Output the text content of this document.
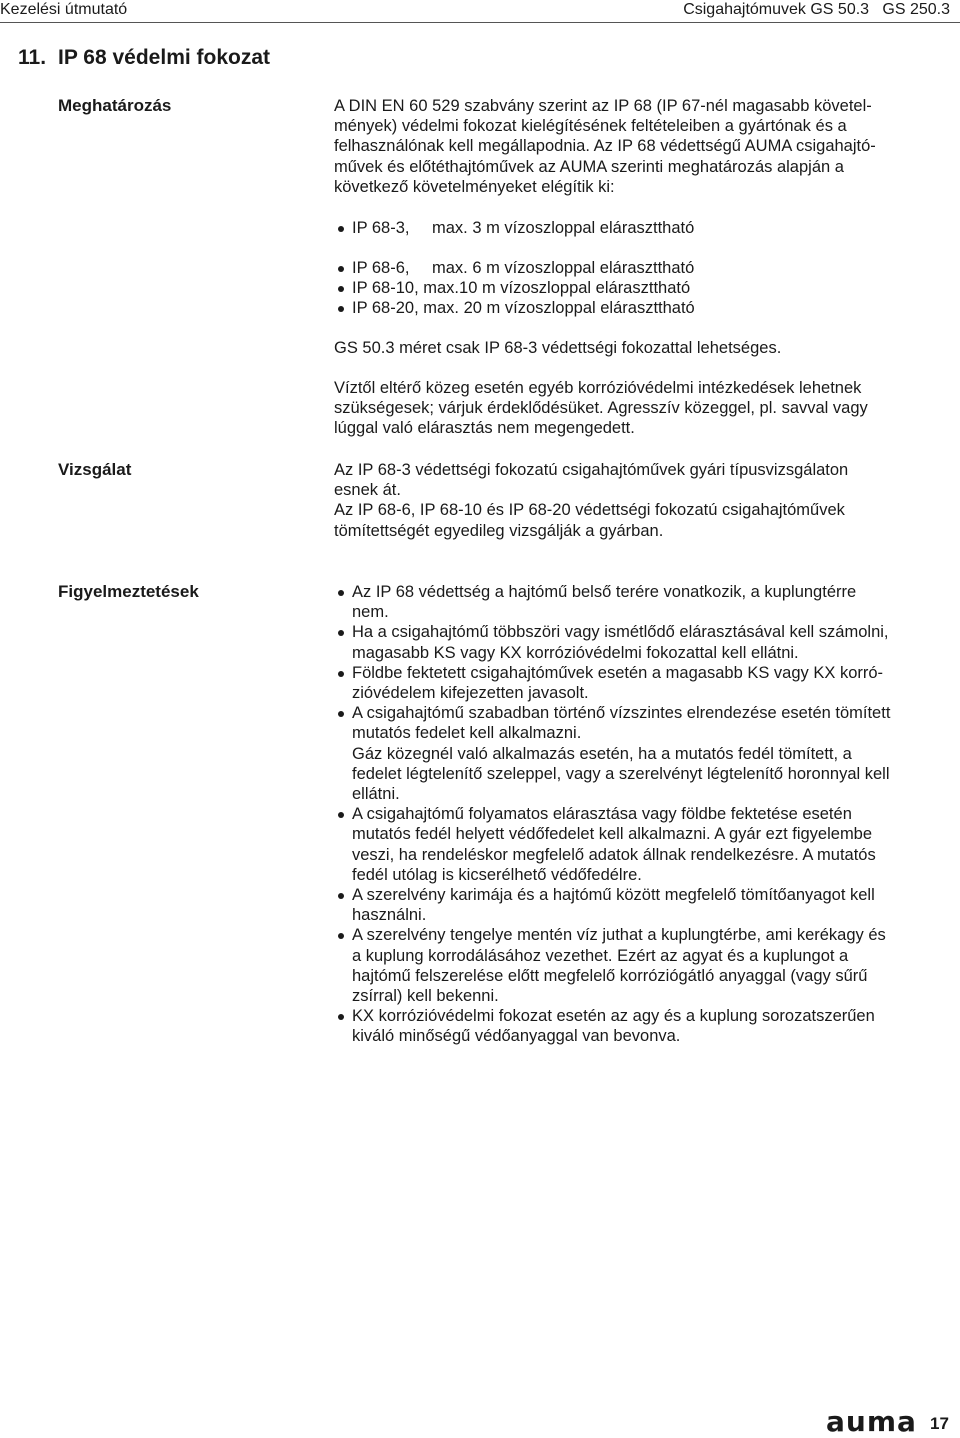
Kezelési útmutató	Csigahajtómuvek GS 50.3   GS 250.3
11. IP 68 védelmi fokozat
Meghatározás	A DIN EN 60 529 szabvány szerint az IP 68 (IP 67-nél magasabb követel-

mények) védelmi fokozat kielégítésének feltételeiben a gyártónak és a

felhasználónak kell megállapodnia. Az IP 68 védettségű AUMA csigahajtó-

művek és előtéthajtóművek az AUMA szerinti meghatározás alapján a

következő követelményeket elégítik ki:

IP 68-3, max. 3 m vízoszloppal eláraszttható
IP 68-6, max. 6 m vízoszloppal eláraszttható
IP 68-10, max.10 m vízoszloppal eláraszttható
IP 68-20, max. 20 m vízoszloppal eláraszttható
GS 50.3 méret csak IP 68-3 védettségi fokozattal lehetséges.

Víztől eltérő közeg esetén egyéb korrózióvédelmi intézkedések lehetnek

szükségesek; várjuk érdeklődésüket. Agresszív közeggel, pl. savval vagy

lúggal való elárasztás nem megengedett.

Vizsgálat	Az IP 68-3 védettségi fokozatú csigahajtóművek gyári típusvizsgálaton

esnek át.

Az IP 68-6, IP 68-10 és IP 68-20 védettségi fokozatú csigahajtóművek

tömítettségét egyedileg vizsgálják a gyárban.

Figyelmeztetések	Az IP 68 védettség a hajtómű belső terére vonatkozik, a kuplungtérre
nem.
Ha a csigahajtómű többszöri vagy ismétlődő elárasztásával kell számolni,
magasabb KS vagy KX korrózióvédelmi fokozattal kell ellátni.
Földbe fektetett csigahajtóművek esetén a magasabb KS vagy KX korró-
zióvédelem kifejezetten javasolt.
A csigahajtómű szabadban történő vízszintes elrendezése esetén tömített
mutatós fedelet kell alkalmazni.
Gáz közegnél való alkalmazás esetén, ha a mutatós fedél tömített, a
fedelet légtelenítő szeleppel, vagy a szerelvényt légtelenítő horonnyal kell
ellátni.
A csigahajtómű folyamatos elárasztása vagy földbe fektetése esetén
mutatós fedél helyett védőfedelet kell alkalmazni. A gyár ezt figyelembe
veszi, ha rendeléskor megfelelő adatok állnak rendelkezésre. A mutatós
fedél utólag is kicserélhető védőfedélre.
A szerelvény karimája és a hajtómű között megfelelő tömítőanyagot kell
használni.
A szerelvény tengelye mentén víz juthat a kuplungtérbe, ami kerékagy és
a kuplung korrodálásához vezethet. Ezért az agyat és a kuplungot a
hajtómű felszerelése előtt megfelelő korróziógátló anyaggal (vagy sűrű
zsírral) kell bekenni.
KX korrózióvédelmi fokozat esetén az agy és a kuplung sorozatszerűen
kiváló minőségű védőanyaggal van bevonva.
auma 17
